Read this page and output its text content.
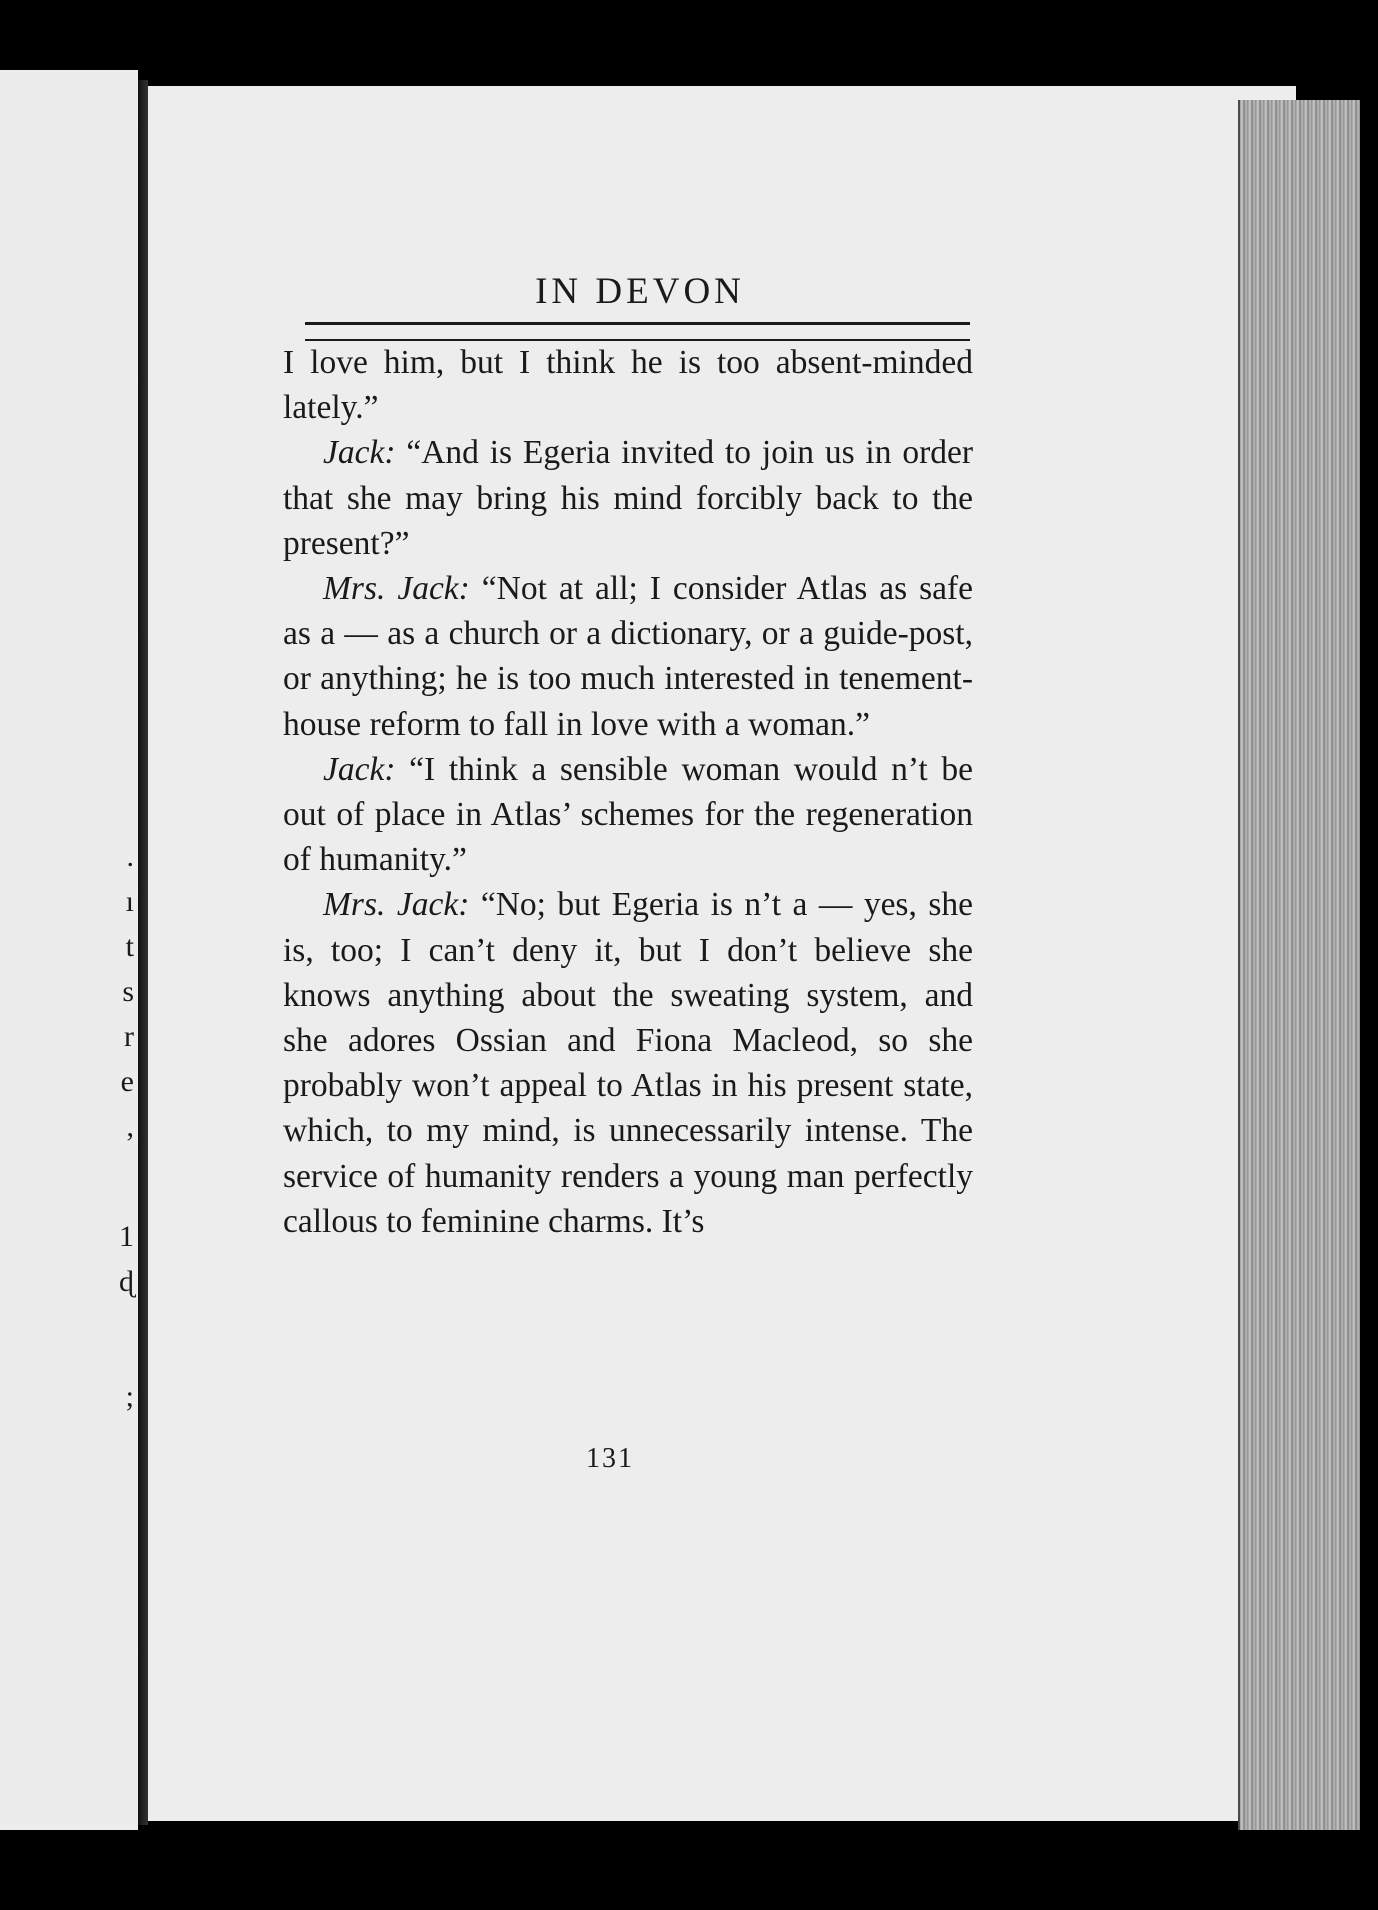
.
ı
t
s
r
e
,
1
ɖ
;
IN DEVON

I love him, but I think he is too absent-minded lately.”

Jack: “And is Egeria invited to join us in order that she may bring his mind forcibly back to the present?”

Mrs. Jack: “Not at all; I consider Atlas as safe as a — as a church or a dictionary, or a guide-post, or anything; he is too much interested in tenement-house reform to fall in love with a woman.”

Jack: “I think a sensible woman would n’t be out of place in Atlas’ schemes for the regeneration of humanity.”

Mrs. Jack: “No; but Egeria is n’t a — yes, she is, too; I can’t deny it, but I don’t believe she knows anything about the sweating system, and she adores Ossian and Fiona Macleod, so she probably won’t appeal to Atlas in his present state, which, to my mind, is unnecessarily intense. The service of humanity renders a young man perfectly callous to feminine charms. It’s

131
